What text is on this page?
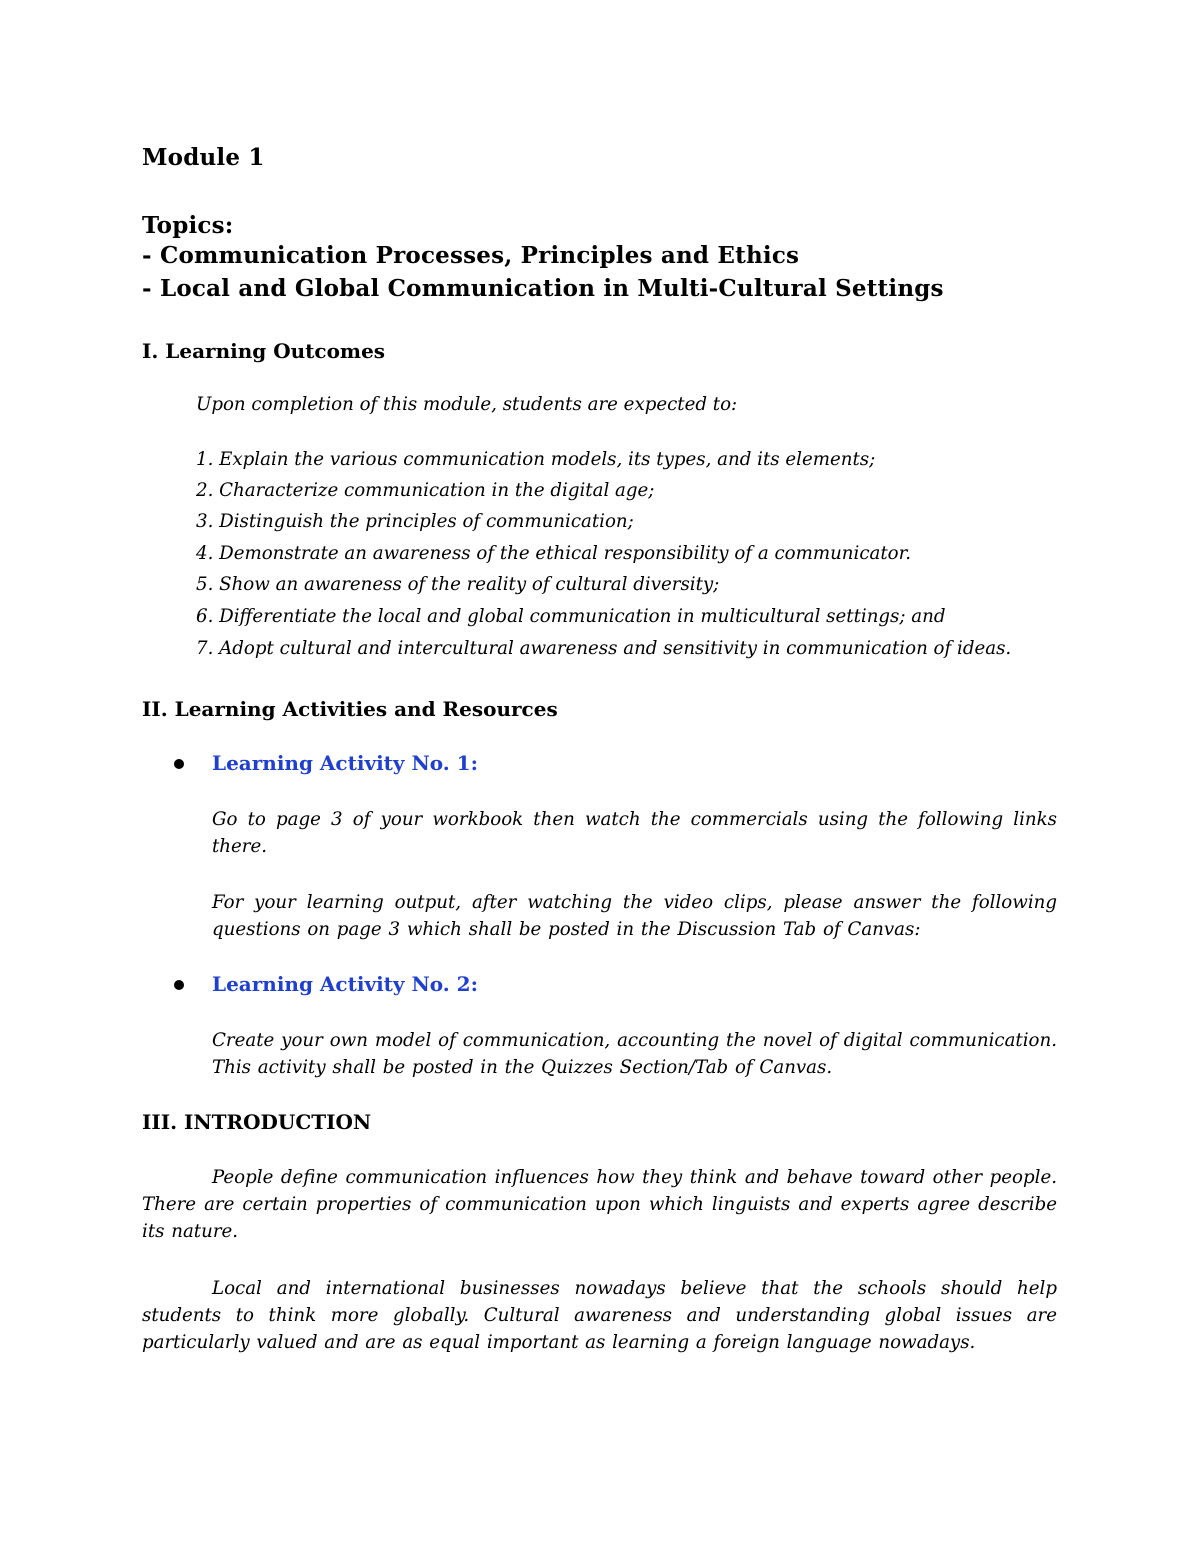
Module 1
Topics:
- Communication Processes, Principles and Ethics
- Local and Global Communication in Multi-Cultural Settings
I. Learning Outcomes
Upon completion of this module, students are expected to:
1. Explain the various communication models, its types, and its elements;
2. Characterize communication in the digital age;
3. Distinguish the principles of communication;
4. Demonstrate an awareness of the ethical responsibility of a communicator.
5. Show an awareness of the reality of cultural diversity;
6. Differentiate the local and global communication in multicultural settings; and
7. Adopt cultural and intercultural awareness and sensitivity in communication of ideas.
II. Learning Activities and Resources
Learning Activity No. 1:
Go to page 3 of your workbook then watch the commercials using the following links there.
For your learning output, after watching the video clips, please answer the following questions on page 3 which shall be posted in the Discussion Tab of Canvas:
Learning Activity No. 2:
Create your own model of communication, accounting the novel of digital communication. This activity shall be posted in the Quizzes Section/Tab of Canvas.
III. INTRODUCTION
People define communication influences how they think and behave toward other people. There are certain properties of communication upon which linguists and experts agree describe its nature.
Local and international businesses nowadays believe that the schools should help students to think more globally. Cultural awareness and understanding global issues are particularly valued and are as equal important as learning a foreign language nowadays.
